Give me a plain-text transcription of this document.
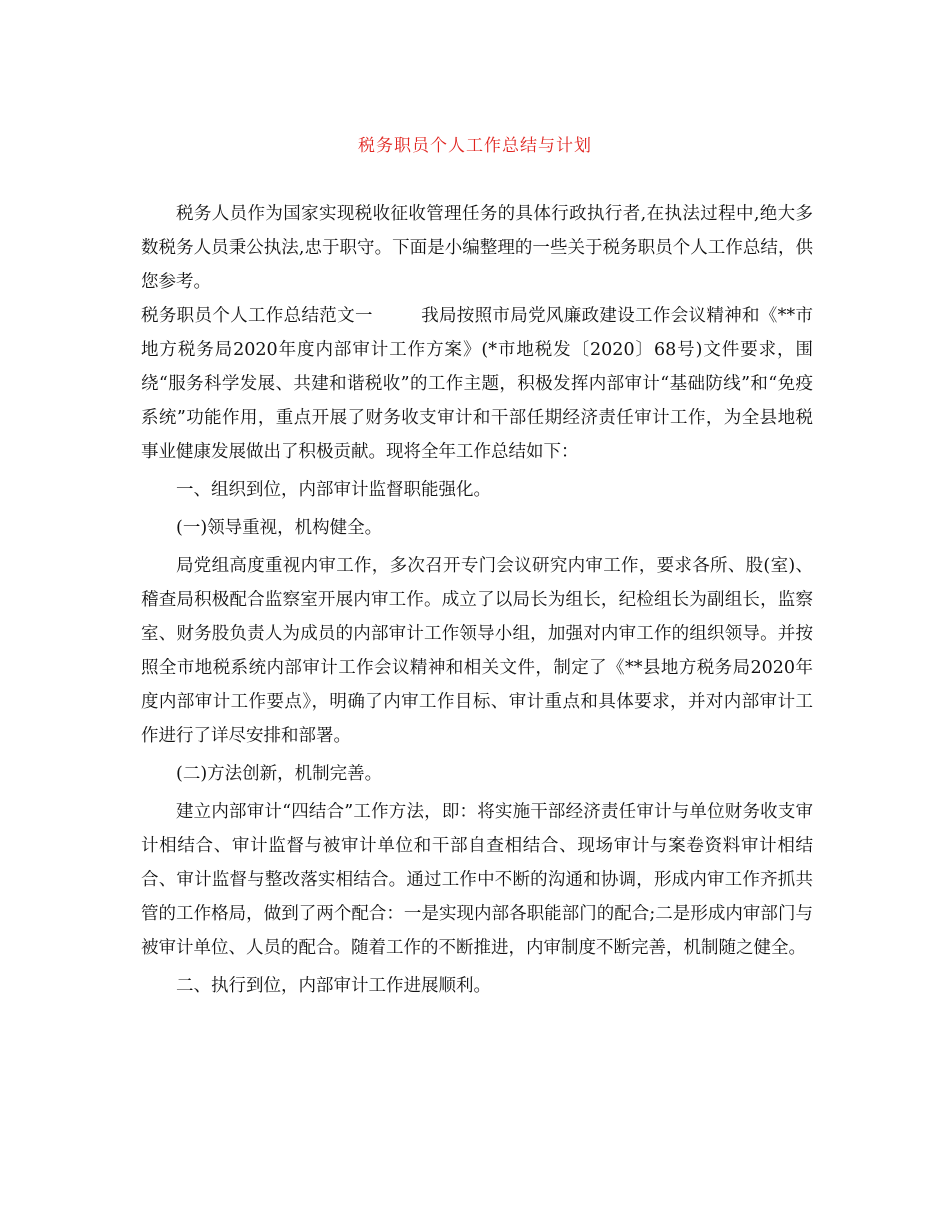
税务职员个人工作总结与计划

税务人员作为国家实现税收征收管理任务的具体行政执行者,在执法过程中,绝大多数税务人员秉公执法,忠于职守。下面是小编整理的一些关于税务职员个人工作总结，供您参考。

税务职员个人工作总结范文一	我局按照市局党风廉政建设工作会议精神和《**市地方税务局2020年度内部审计工作方案》(*市地税发〔2020〕68号)文件要求，围绕“服务科学发展、共建和谐税收”的工作主题，积极发挥内部审计“基础防线”和“免疫系统”功能作用，重点开展了财务收支审计和干部任期经济责任审计工作，为全县地税事业健康发展做出了积极贡献。现将全年工作总结如下：

一、组织到位，内部审计监督职能强化。

(一)领导重视，机构健全。

局党组高度重视内审工作，多次召开专门会议研究内审工作，要求各所、股(室)、稽查局积极配合监察室开展内审工作。成立了以局长为组长，纪检组长为副组长，监察室、财务股负责人为成员的内部审计工作领导小组，加强对内审工作的组织领导。并按照全市地税系统内部审计工作会议精神和相关文件，制定了《**县地方税务局2020年度内部审计工作要点》，明确了内审工作目标、审计重点和具体要求，并对内部审计工作进行了详尽安排和部署。

(二)方法创新，机制完善。

建立内部审计“四结合”工作方法，即：将实施干部经济责任审计与单位财务收支审计相结合、审计监督与被审计单位和干部自查相结合、现场审计与案卷资料审计相结合、审计监督与整改落实相结合。通过工作中不断的沟通和协调，形成内审工作齐抓共管的工作格局，做到了两个配合：一是实现内部各职能部门的配合;二是形成内审部门与被审计单位、人员的配合。随着工作的不断推进，内审制度不断完善，机制随之健全。

二、执行到位，内部审计工作进展顺利。
